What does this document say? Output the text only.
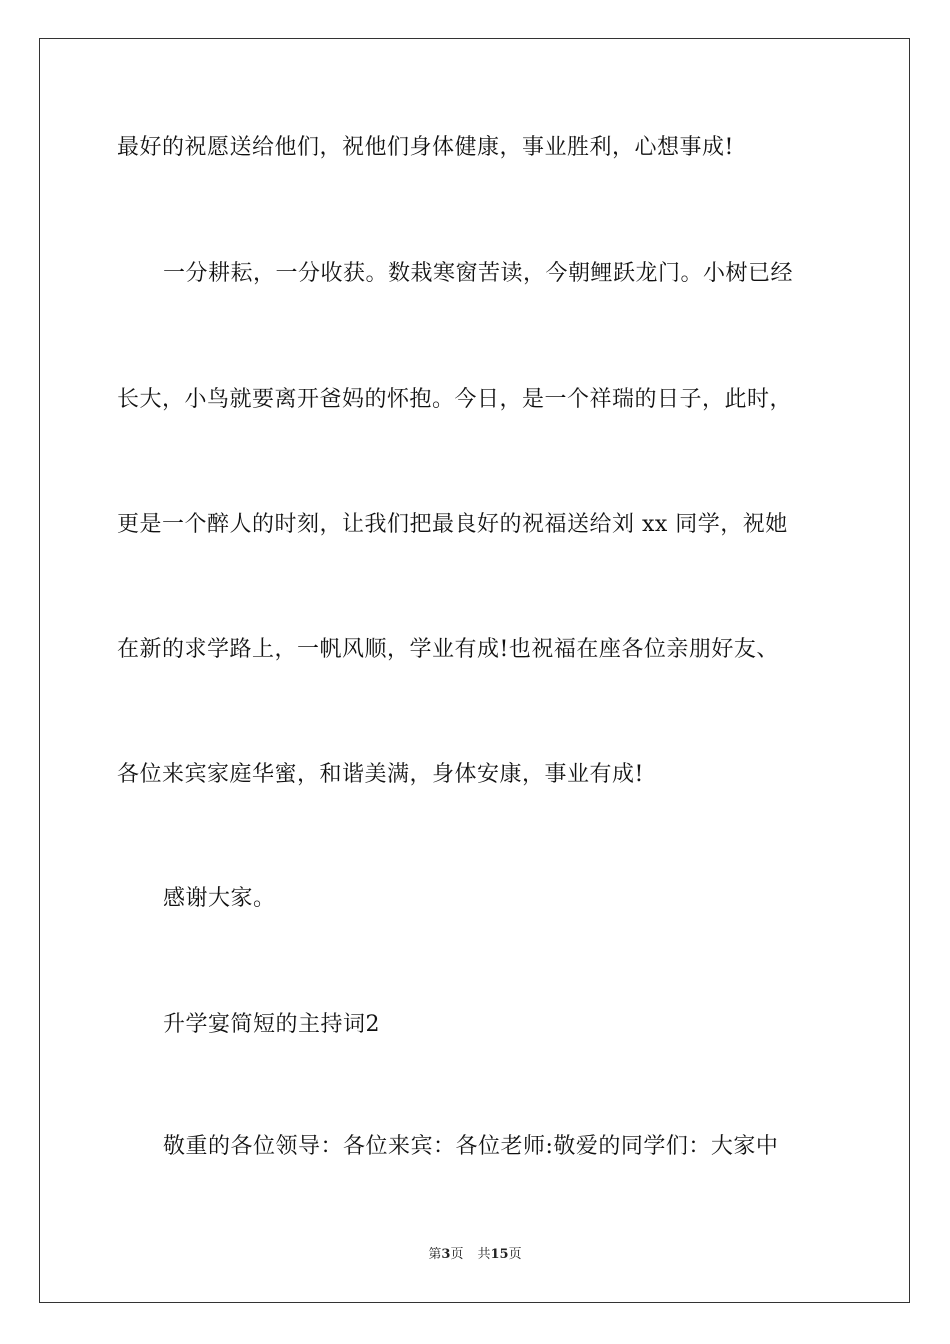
最好的祝愿送给他们，祝他们身体健康，事业胜利，心想事成!
一分耕耘，一分收获。数栽寒窗苦读，今朝鲤跃龙门。小树已经
长大，小鸟就要离开爸妈的怀抱。今日，是一个祥瑞的日子，此时，
更是一个醉人的时刻，让我们把最良好的祝福送给刘 xx 同学，祝她
在新的求学路上，一帆风顺，学业有成!也祝福在座各位亲朋好友、
各位来宾家庭华蜜，和谐美满，身体安康，事业有成!
感谢大家。
升学宴简短的主持词2
敬重的各位领导：各位来宾：各位老师:敬爱的同学们：大家中
第3页 共15页
